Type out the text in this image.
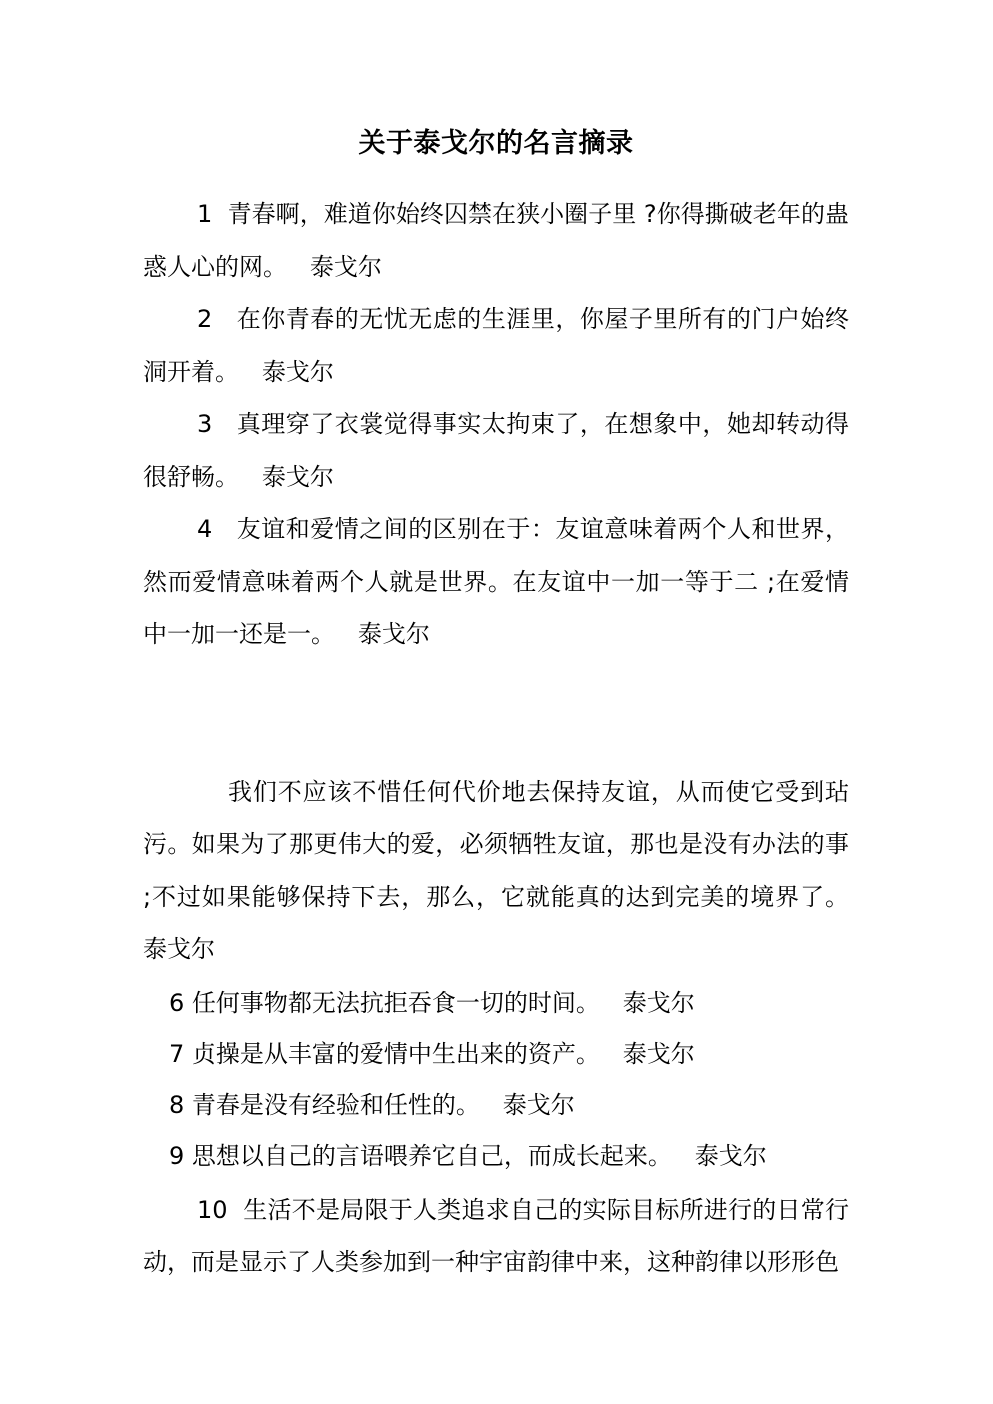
关于泰戈尔的名言摘录

1  青春啊，难道你始终囚禁在狭小圈子里 ?你得撕破老年的蛊惑人心的网。   泰戈尔

2   在你青春的无忧无虑的生涯里，你屋子里所有的门户始终洞开着。   泰戈尔

3   真理穿了衣裳觉得事实太拘束了，在想象中，她却转动得很舒畅。   泰戈尔

4   友谊和爱情之间的区别在于：友谊意味着两个人和世界，然而爱情意味着两个人就是世界。在友谊中一加一等于二 ;在爱情中一加一还是一。   泰戈尔

我们不应该不惜任何代价地去保持友谊，从而使它受到玷污。如果为了那更伟大的爱，必须牺牲友谊，那也是没有办法的事 ;不过如果能够保持下去，那么，它就能真的达到完美的境界了。     泰戈尔

6 任何事物都无法抗拒吞食一切的时间。   泰戈尔

7 贞操是从丰富的爱情中生出来的资产。   泰戈尔

8 青春是没有经验和任性的。   泰戈尔

9 思想以自己的言语喂养它自己，而成长起来。   泰戈尔

10  生活不是局限于人类追求自己的实际目标所进行的日常行动，而是显示了人类参加到一种宇宙韵律中来，这种韵律以形形色
